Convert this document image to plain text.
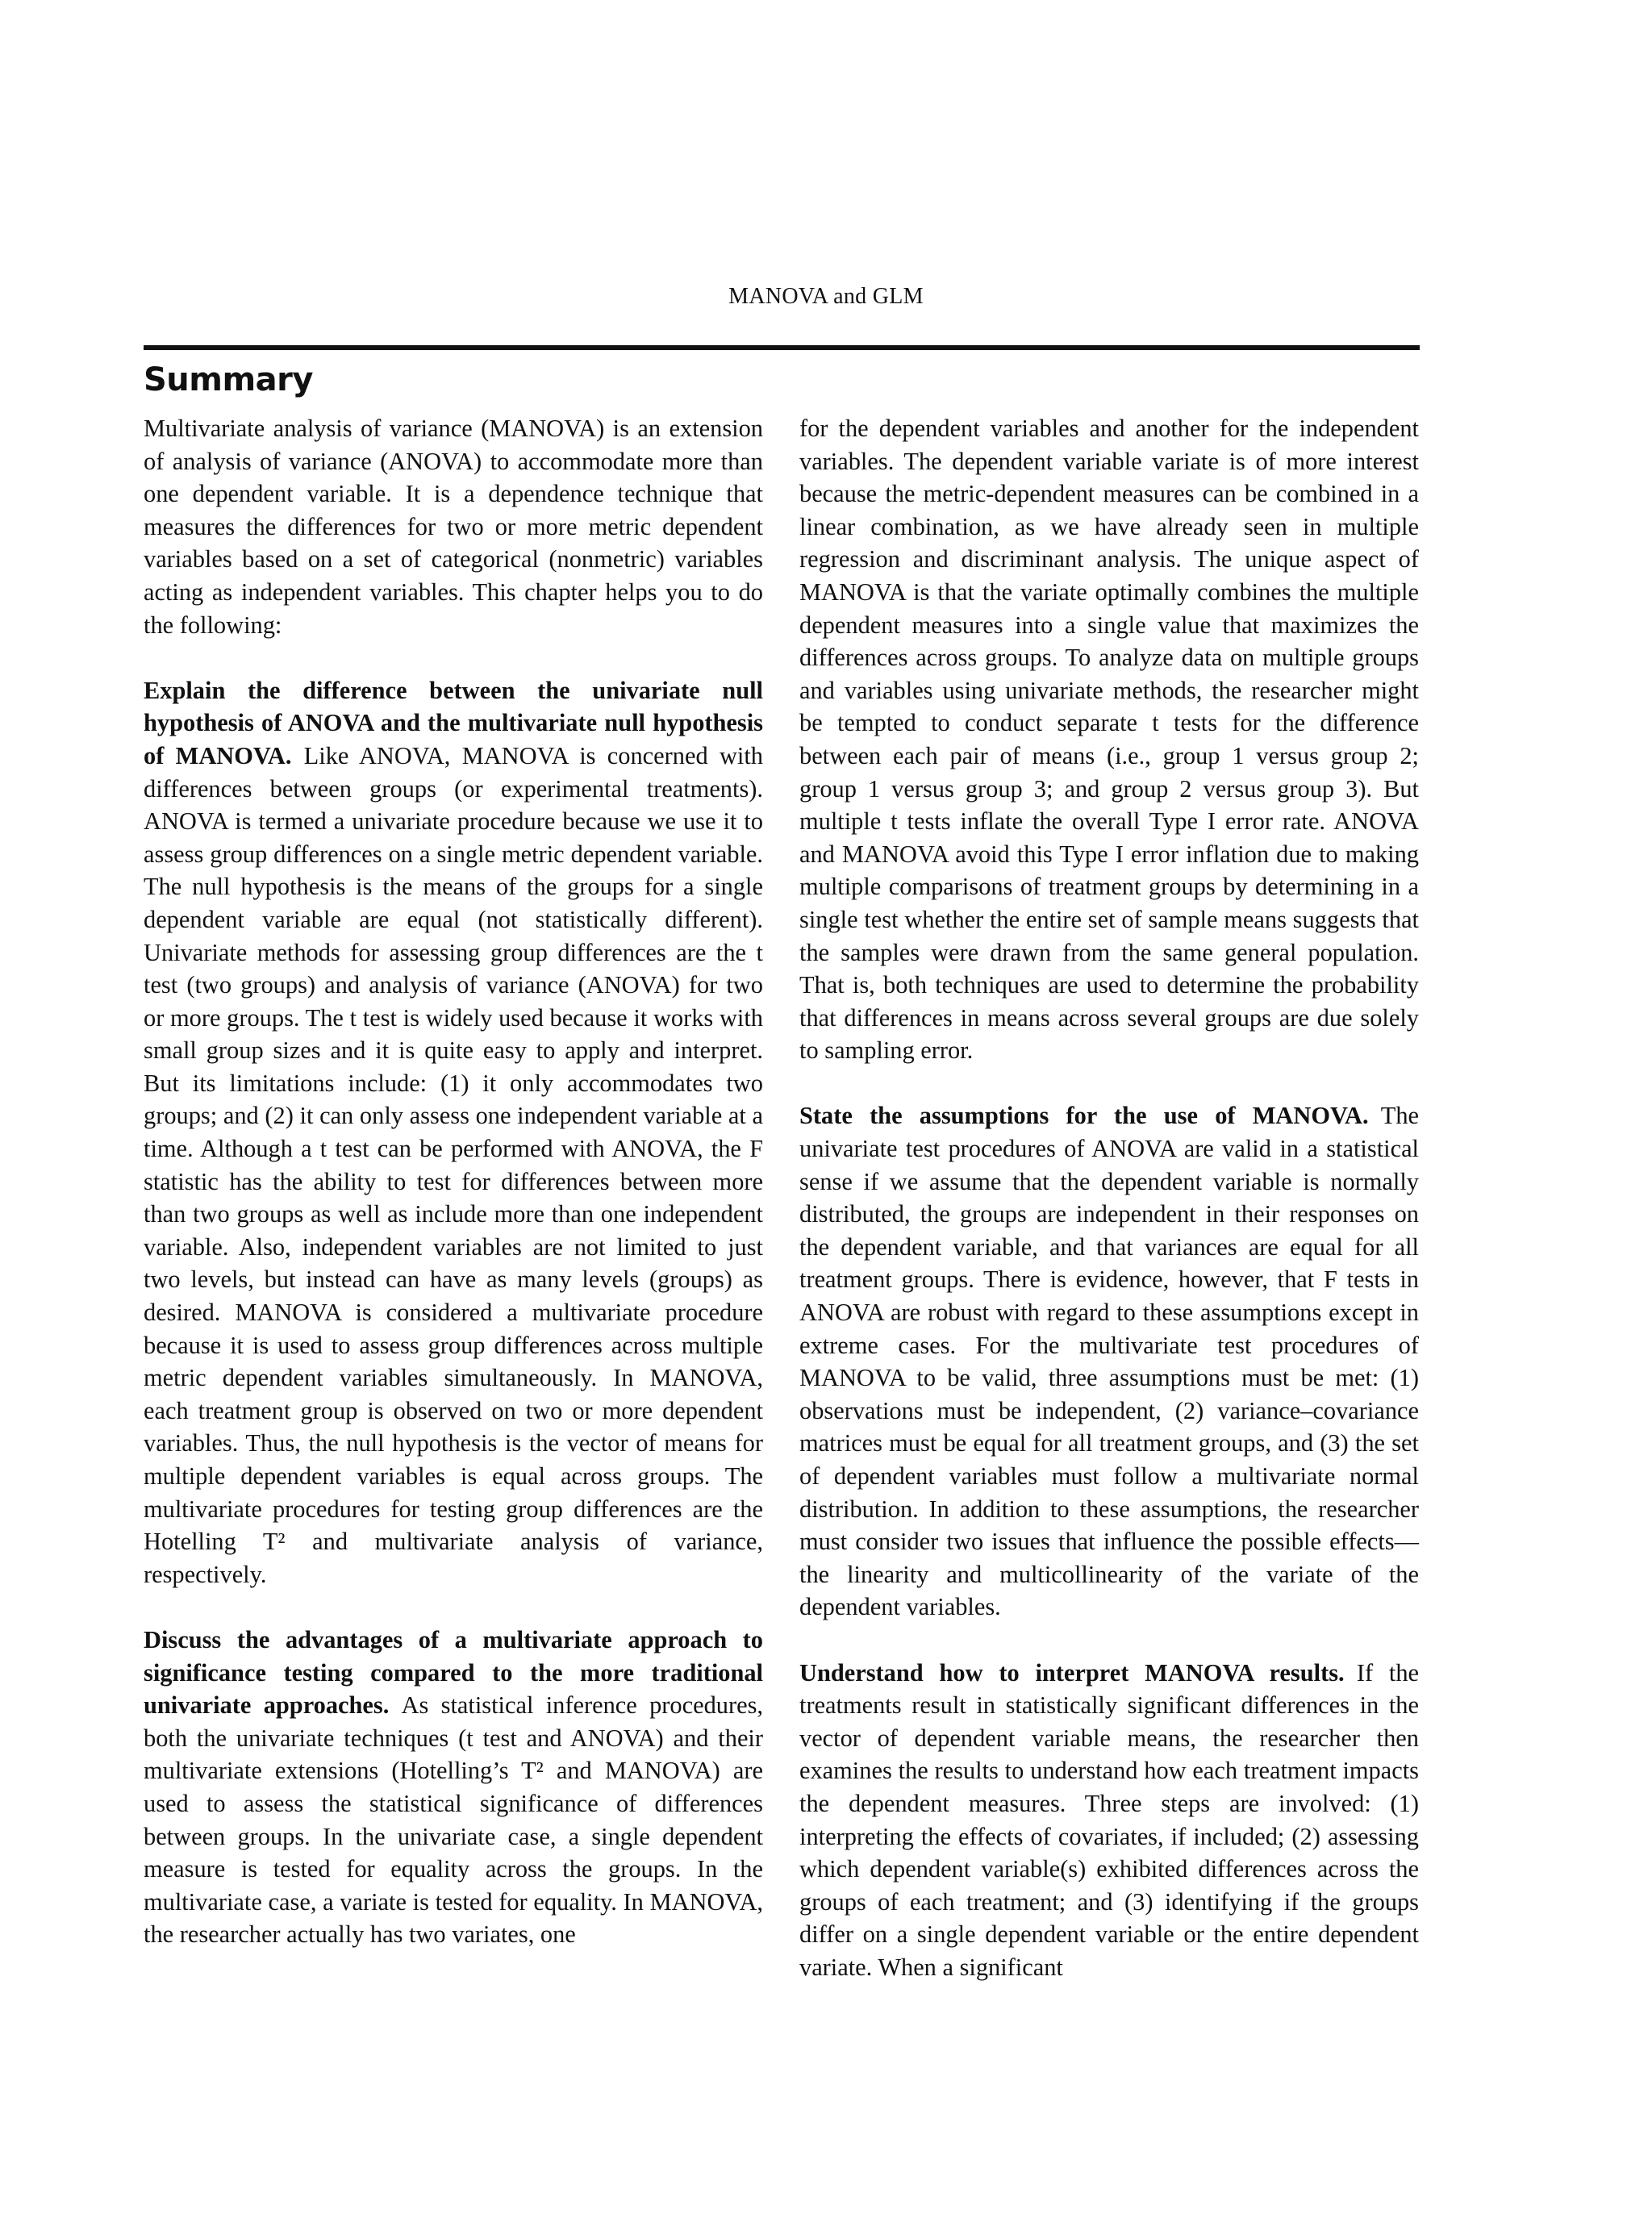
MANOVA and GLM
Summary

Multivariate analysis of variance (MANOVA) is an extension of analysis of variance (ANOVA) to accommodate more than one dependent variable. It is a dependence technique that measures the differences for two or more metric dependent variables based on a set of categorical (nonmetric) variables acting as independent variables. This chapter helps you to do the following:

Explain the difference between the univariate null hypothesis of ANOVA and the multivariate null hypothesis of MANOVA. Like ANOVA, MANOVA is concerned with differences between groups (or experimental treatments). ANOVA is termed a univariate procedure because we use it to assess group differences on a single metric dependent variable. The null hypothesis is the means of the groups for a single dependent variable are equal (not statistically different). Univariate methods for assessing group differences are the t test (two groups) and analysis of variance (ANOVA) for two or more groups. The t test is widely used because it works with small group sizes and it is quite easy to apply and interpret. But its limitations include: (1) it only accommodates two groups; and (2) it can only assess one independent variable at a time. Although a t test can be performed with ANOVA, the F statistic has the ability to test for differences between more than two groups as well as include more than one independent variable. Also, independent variables are not limited to just two levels, but instead can have as many levels (groups) as desired. MANOVA is considered a multivariate procedure because it is used to assess group differences across multiple metric dependent variables simultaneously. In MANOVA, each treatment group is observed on two or more dependent variables. Thus, the null hypothesis is the vector of means for multiple dependent variables is equal across groups. The multivariate procedures for testing group differences are the Hotelling T² and multivariate analysis of variance, respectively.

Discuss the advantages of a multivariate approach to significance testing compared to the more traditional univariate approaches. As statistical inference procedures, both the univariate techniques (t test and ANOVA) and their multivariate extensions (Hotelling’s T² and MANOVA) are used to assess the statistical significance of differences between groups. In the univariate case, a single dependent measure is tested for equality across the groups. In the multivariate case, a variate is tested for equality. In MANOVA, the researcher actually has two variates, one

for the dependent variables and another for the independent variables. The dependent variable variate is of more interest because the metric-dependent measures can be combined in a linear combination, as we have already seen in multiple regression and discriminant analysis. The unique aspect of MANOVA is that the variate optimally combines the multiple dependent measures into a single value that maximizes the differences across groups. To analyze data on multiple groups and variables using univariate methods, the researcher might be tempted to conduct separate t tests for the difference between each pair of means (i.e., group 1 versus group 2; group 1 versus group 3; and group 2 versus group 3). But multiple t tests inflate the overall Type I error rate. ANOVA and MANOVA avoid this Type I error inflation due to making multiple comparisons of treatment groups by determining in a single test whether the entire set of sample means suggests that the samples were drawn from the same general population. That is, both techniques are used to determine the probability that differences in means across several groups are due solely to sampling error.

State the assumptions for the use of MANOVA. The univariate test procedures of ANOVA are valid in a statistical sense if we assume that the dependent variable is normally distributed, the groups are independent in their responses on the dependent variable, and that variances are equal for all treatment groups. There is evidence, however, that F tests in ANOVA are robust with regard to these assumptions except in extreme cases. For the multivariate test procedures of MANOVA to be valid, three assumptions must be met: (1) observations must be independent, (2) variance–covariance matrices must be equal for all treatment groups, and (3) the set of dependent variables must follow a multivariate normal distribution. In addition to these assumptions, the researcher must consider two issues that influence the possible effects—the linearity and multicollinearity of the variate of the dependent variables.

Understand how to interpret MANOVA results. If the treatments result in statistically significant differences in the vector of dependent variable means, the researcher then examines the results to understand how each treatment impacts the dependent measures. Three steps are involved: (1) interpreting the effects of covariates, if included; (2) assessing which dependent variable(s) exhibited differences across the groups of each treatment; and (3) identifying if the groups differ on a single dependent variable or the entire dependent variate. When a significant
